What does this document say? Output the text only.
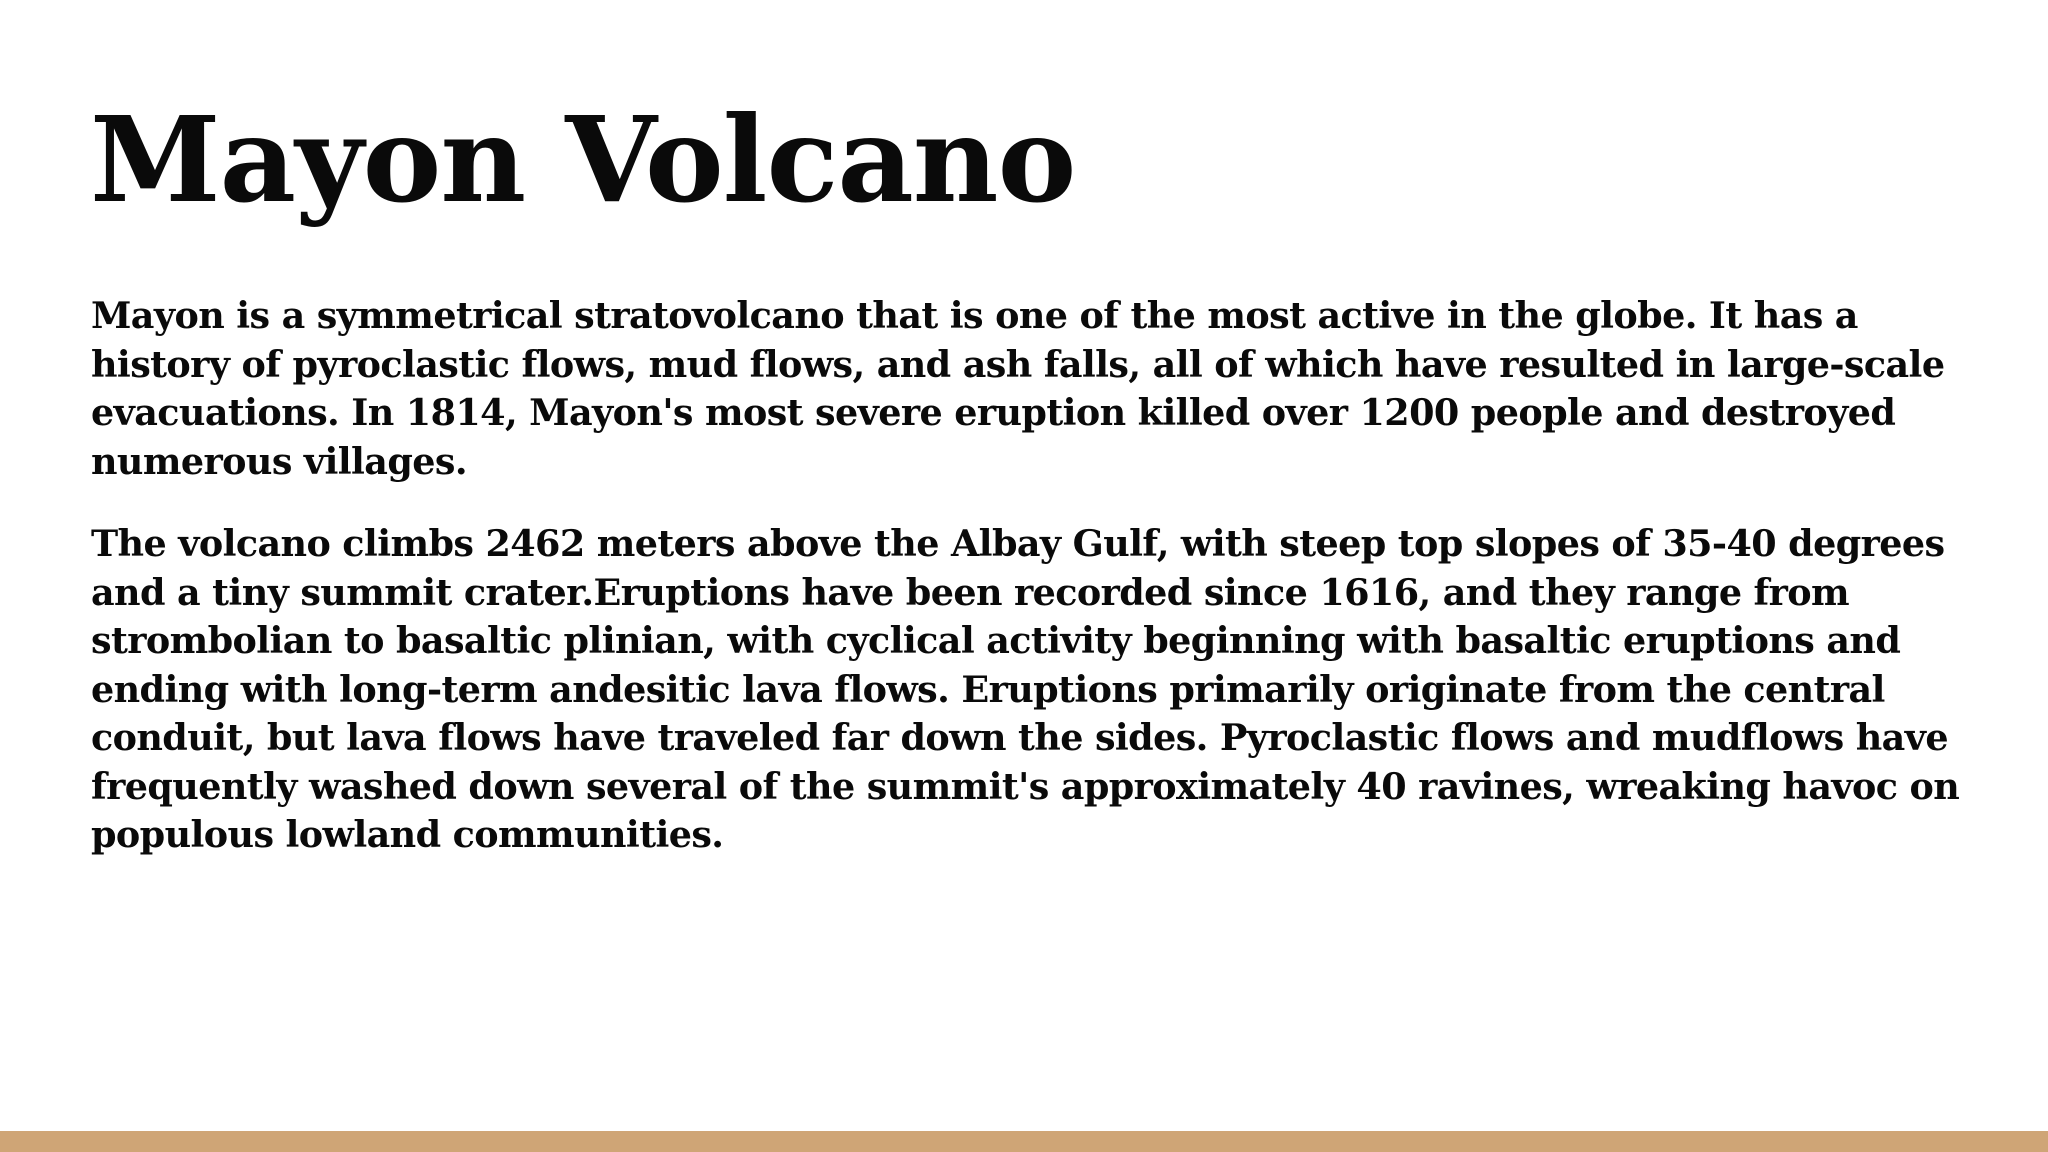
Mayon Volcano

Mayon is a symmetrical stratovolcano that is one of the most active in the globe. It has a history of pyroclastic flows, mud flows, and ash falls, all of which have resulted in large-scale evacuations. In 1814, Mayon's most severe eruption killed over 1200 people and destroyed numerous villages.

The volcano climbs 2462 meters above the Albay Gulf, with steep top slopes of 35-40 degrees and a tiny summit crater.Eruptions have been recorded since 1616, and they range from strombolian to basaltic plinian, with cyclical activity beginning with basaltic eruptions and ending with long-term andesitic lava flows. Eruptions primarily originate from the central conduit, but lava flows have traveled far down the sides. Pyroclastic flows and mudflows have frequently washed down several of the summit's approximately 40 ravines, wreaking havoc on populous lowland communities.
